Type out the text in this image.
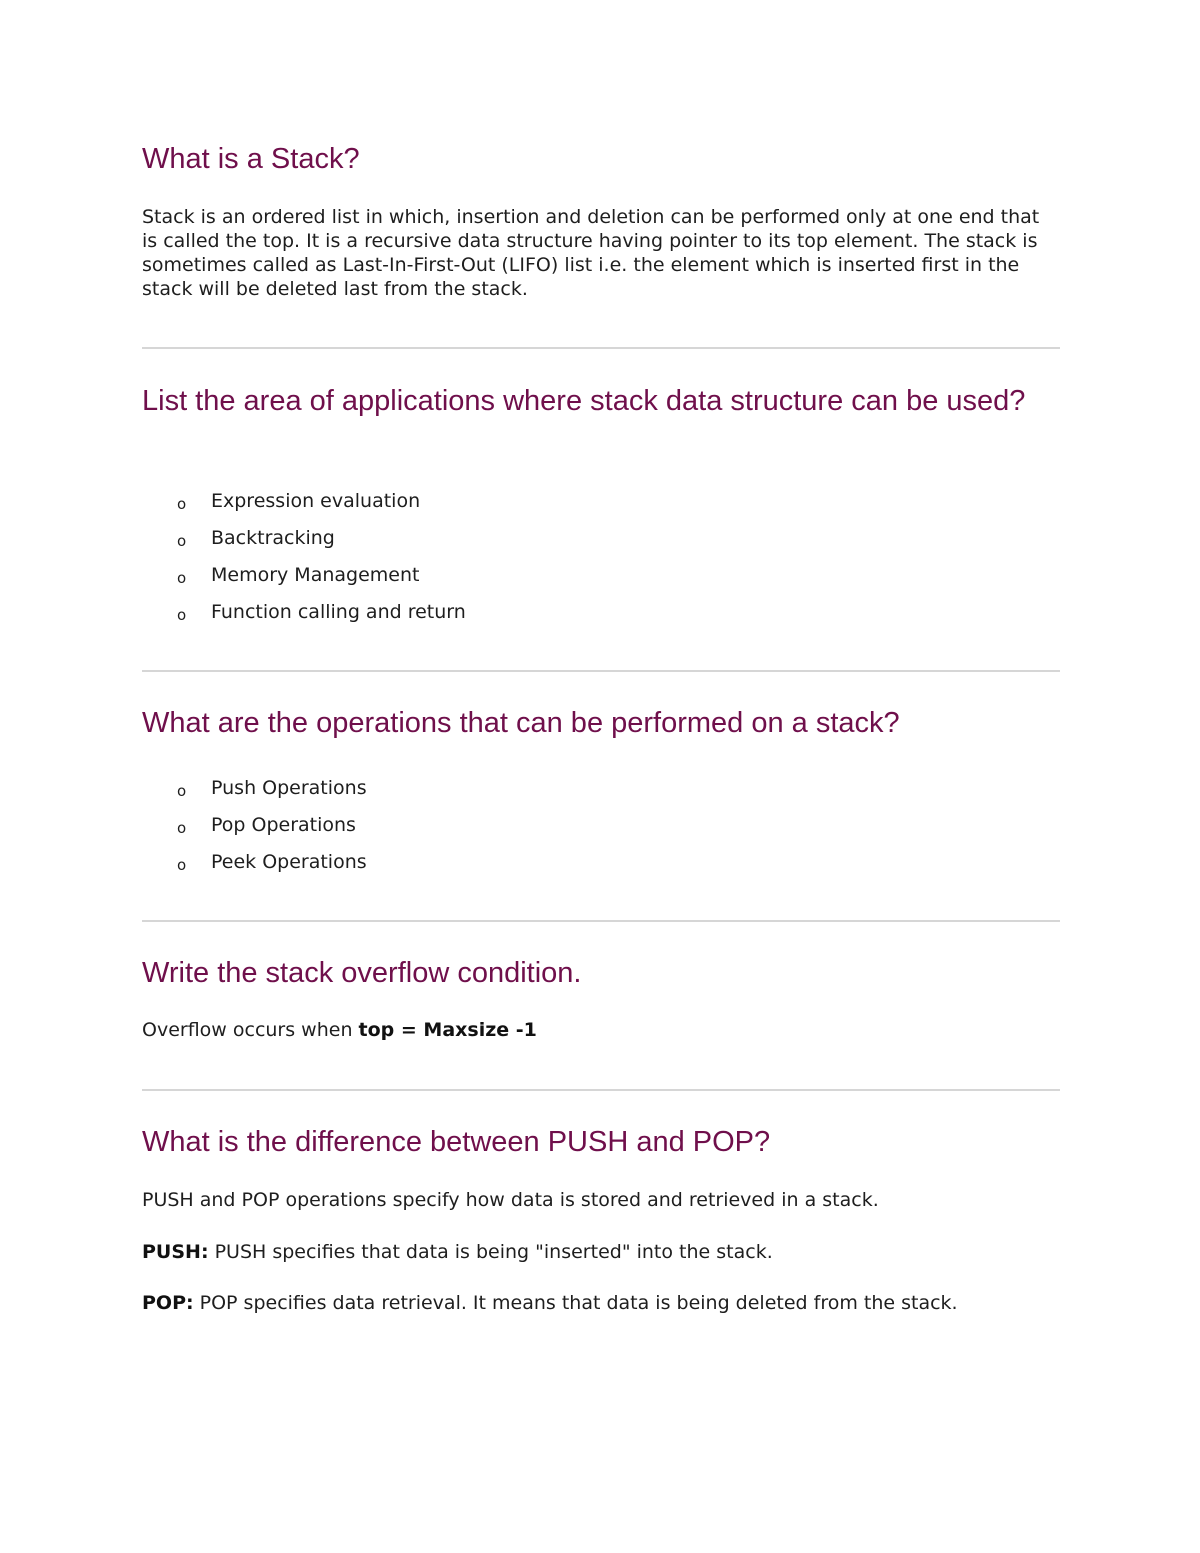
What is a Stack?

Stack is an ordered list in which, insertion and deletion can be performed only at one end that is called the top. It is a recursive data structure having pointer to its top element. The stack is sometimes called as Last-In-First-Out (LIFO) list i.e. the element which is inserted first in the stack will be deleted last from the stack.

List the area of applications where stack data structure can be used?
o Expression evaluation
o Backtracking
o Memory Management
o Function calling and return
What are the operations that can be performed on a stack?
o Push Operations
o Pop Operations
o Peek Operations
Write the stack overflow condition.

Overflow occurs when top = Maxsize -1

What is the difference between PUSH and POP?

PUSH and POP operations specify how data is stored and retrieved in a stack.

PUSH: PUSH specifies that data is being "inserted" into the stack.

POP: POP specifies data retrieval. It means that data is being deleted from the stack.
